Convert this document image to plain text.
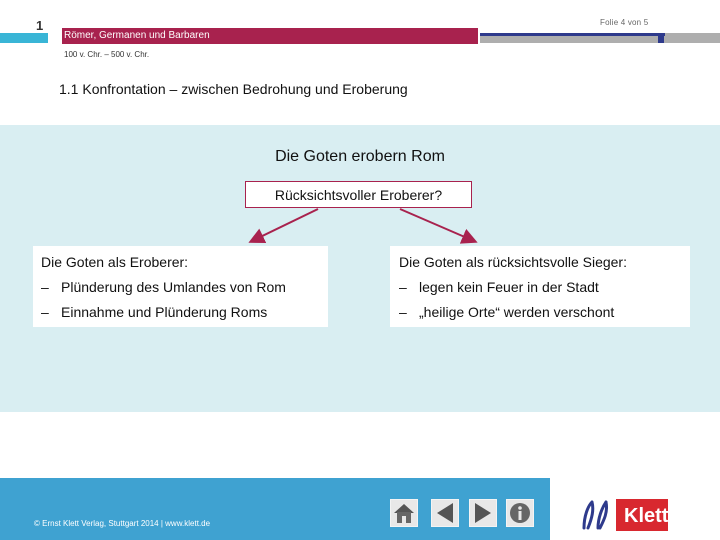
1
Römer, Germanen und Barbaren
Folie 4 von 5
100 v. Chr. – 500 v. Chr.
1.1 Konfrontation – zwischen Bedrohung und Eroberung
Die Goten erobern Rom
Rücksichtsvoller Eroberer?
Die Goten als Eroberer:
– Plünderung des Umlandes von Rom
– Einnahme und Plünderung Roms
Die Goten als rücksichtsvolle Sieger:
– legen kein Feuer in der Stadt
– „heilige Orte“ werden verschont
© Ernst Klett Verlag, Stuttgart 2014 | www.klett.de	Klett
